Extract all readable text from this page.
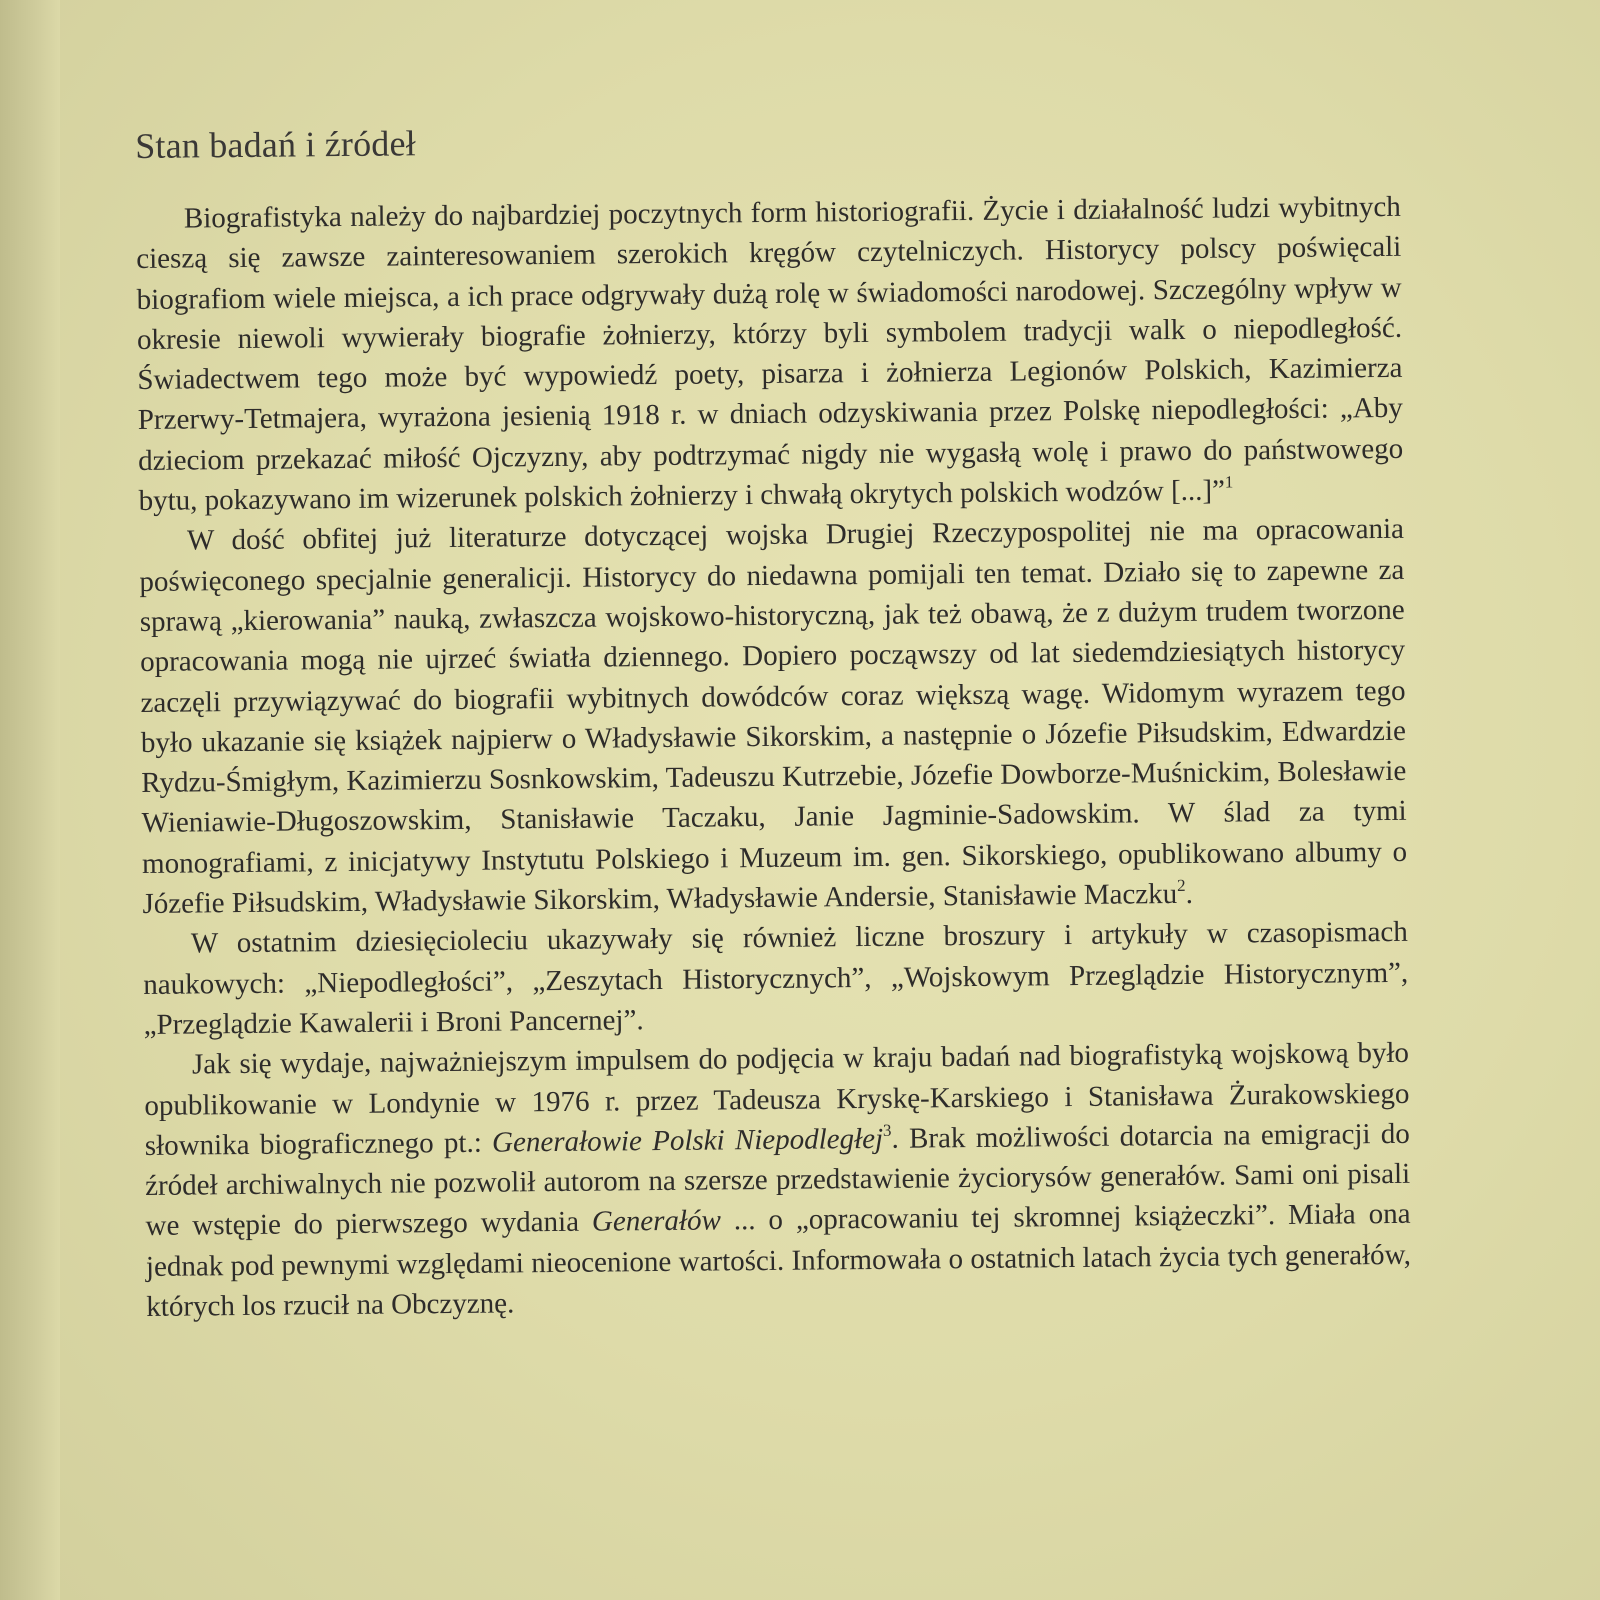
Stan badań i źródeł

Biografistyka należy do najbardziej poczytnych form historiografii. Życie i działalność ludzi wybitnych cieszą się zawsze zainteresowaniem szerokich kręgów czytelniczych. Historycy polscy poświęcali biografiom wiele miejsca, a ich prace odgrywały dużą rolę w świadomości narodowej. Szczególny wpływ w okresie niewoli wywierały biografie żołnierzy, którzy byli symbolem tradycji walk o niepodległość. Świadectwem tego może być wypowiedź poety, pisarza i żołnierza Legionów Polskich, Kazimierza Przerwy-Tetmajera, wyrażona jesienią 1918 r. w dniach odzyskiwania przez Polskę niepodległości: „Aby dzieciom przekazać miłość Ojczyzny, aby podtrzymać nigdy nie wygasłą wolę i prawo do państwowego bytu, pokazywano im wizerunek polskich żołnierzy i chwałą okrytych polskich wodzów [...]”$^1$

W dość obfitej już literaturze dotyczącej wojska Drugiej Rzeczypospolitej nie ma opracowania poświęconego specjalnie generalicji. Historycy do niedawna pomijali ten temat. Działo się to zapewne za sprawą „kierowania” nauką, zwłaszcza wojskowo-historyczną, jak też obawą, że z dużym trudem tworzone opracowania mogą nie ujrzeć światła dziennego. Dopiero począwszy od lat siedemdziesiątych historycy zaczęli przywiązywać do biografii wybitnych dowódców coraz większą wagę. Widomym wyrazem tego było ukazanie się książek najpierw o Władysławie Sikorskim, a następnie o Józefie Piłsudskim, Edwardzie Rydzu-Śmigłym, Kazimierzu Sosnkowskim, Tadeuszu Kutrzebie, Józefie Dowborze-Muśnickim, Bolesławie Wieniawie-Długoszowskim, Stanisławie Taczaku, Janie Jagminie-Sadowskim. W ślad za tymi monografiami, z inicjatywy Instytutu Polskiego i Muzeum im. gen. Sikorskiego, opublikowano albumy o Józefie Piłsudskim, Władysławie Sikorskim, Władysławie Andersie, Stanisławie Maczku$^2$.

W ostatnim dziesięcioleciu ukazywały się również liczne broszury i artykuły w czasopismach naukowych: „Niepodległości”, „Zeszytach Historycznych”, „Wojskowym Przeglądzie Historycznym”, „Przeglądzie Kawalerii i Broni Pancernej”.

Jak się wydaje, najważniejszym impulsem do podjęcia w kraju badań nad biografistyką wojskową było opublikowanie w Londynie w 1976 r. przez Tadeusza Kryskę-Karskiego i Stanisława Żurakowskiego słownika biograficznego pt.: Generałowie Polski Niepodległej$^3$. Brak możliwości dotarcia na emigracji do źródeł archiwalnych nie pozwolił autorom na szersze przedstawienie życiorysów generałów. Sami oni pisali we wstępie do pierwszego wydania Generałów ... o „opracowaniu tej skromnej książeczki”. Miała ona jednak pod pewnymi względami nieocenione wartości. Informowała o ostatnich latach życia tych generałów, których los rzucił na Obczyznę.
